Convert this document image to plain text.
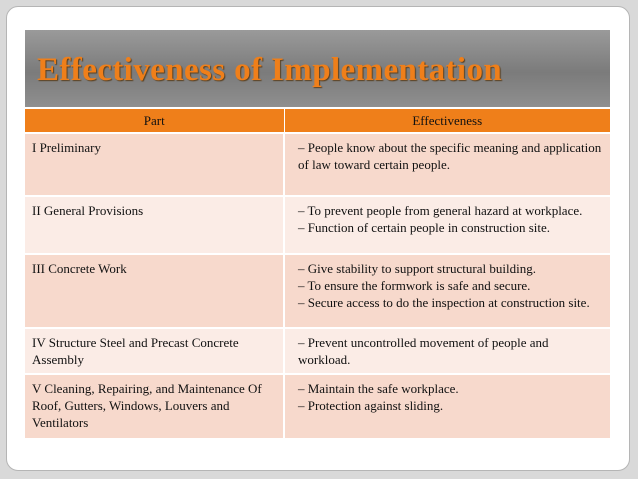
Effectiveness of Implementation
Part	Effectiveness
I Preliminary	– People know about the specific meaning and application of law toward certain people.

II General Provisions	– To prevent people from general hazard at workplace.
– Function of certain people in construction site.

III Concrete Work	– Give stability to support structural building.
– To ensure the formwork is safe and secure.
– Secure access to do the inspection at construction site.

IV Structure Steel and Precast Concrete Assembly	– Prevent uncontrolled movement of people and workload.

V Cleaning, Repairing, and Maintenance Of Roof, Gutters, Windows, Louvers and Ventilators	– Maintain the safe workplace.
– Protection against sliding.
